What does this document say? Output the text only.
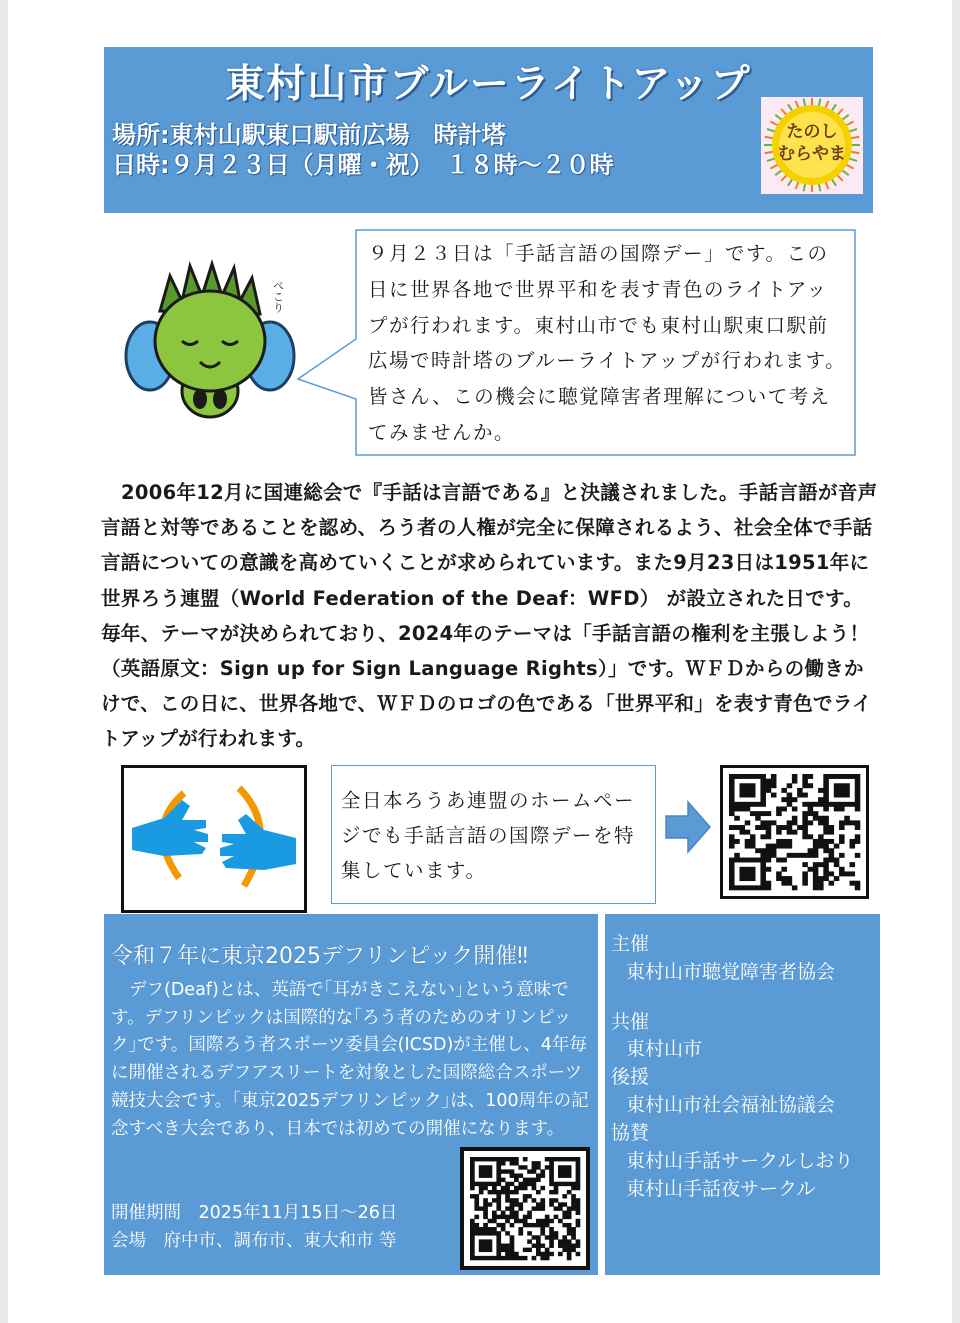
東村山市ブルーライトアップ
場所:東村山駅東口駅前広場　時計塔
日時:９月２３日（月曜・祝）　１８時～２０時
たのし
むらやま
ぺこり
９月２３日は「手話言語の国際デー」です。この
日に世界各地で世界平和を表す青色のライトアッ
プが行われます。東村山市でも東村山駅東口駅前
広場で時計塔のブルーライトアップが行われます。
皆さん、この機会に聴覚障害者理解について考え
てみませんか。
2006年12月に国連総会で『手話は言語である』と決議されました。手話言語が音声言語と対等であることを認め、ろう者の人権が完全に保障されるよう、社会全体で手話言語についての意識を高めていくことが求められています。また9月23日は1951年に世界ろう連盟（World Federation of the Deaf：WFD） が設立された日です。毎年、テーマが決められており、2024年のテーマは「手話言語の権利を主張しよう！（英語原文：Sign up for Sign Language Rights）」です。ＷＦＤからの働きかけで、この日に、世界各地で、ＷＦＤのロゴの色である「世界平和」を表す青色でライトアップが行われます。
全日本ろうあ連盟のホームペー
ジでも手話言語の国際デーを特
集しています。
令和７年に東京2025デフリンピック開催‼
デフ(Deaf)とは、英語で｢耳がきこえない｣という意味です。デフリンピックは国際的な｢ろう者のためのオリンピック｣です。国際ろう者スポーツ委員会(ICSD)が主催し、4年毎に開催されるデフアスリートを対象とした国際総合スポーツ競技大会です。「東京2025デフリンピック｣は、100周年の記念すべき大会であり、日本では初めての開催になります。
開催期間　2025年11月15日～26日
会場　府中市、調布市、東大和市 等
主催
東村山市聴覚障害者協会
共催
東村山市
後援
東村山市社会福祉協議会
協賛
東村山手話サークルしおり
東村山手話夜サークル
